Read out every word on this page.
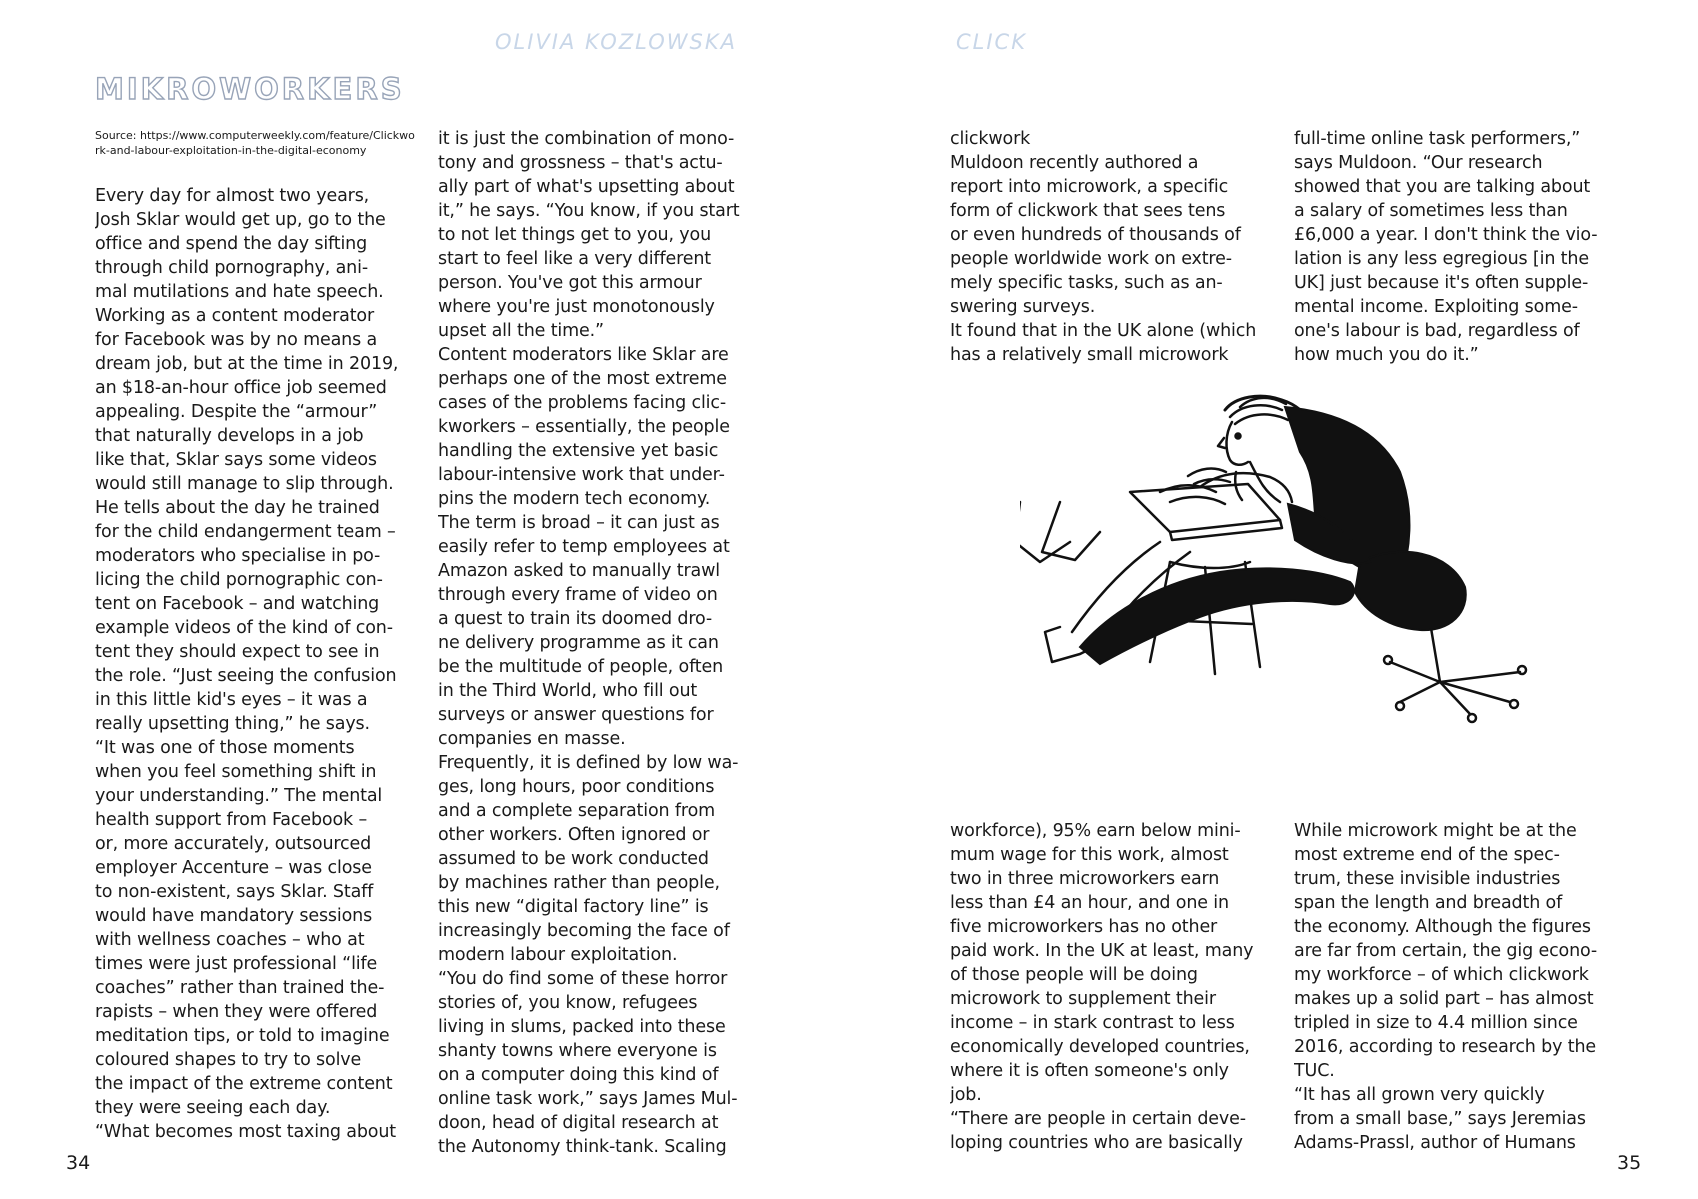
OLIVIA KOZLOWSKA	CLICK
MIKROWORKERS
Source: https://www.computerweekly.com/feature/Clickwork-and-labour-exploitation-in-the-digital-economy
Every day for almost two years,
Josh Sklar would get up, go to the
office and spend the day sifting
through child pornography, ani-
mal mutilations and hate speech.
Working as a content moderator
for Facebook was by no means a
dream job, but at the time in 2019,
an $18-an-hour office job seemed
appealing. Despite the “armour”
that naturally develops in a job
like that, Sklar says some videos
would still manage to slip through.
He tells about the day he trained
for the child endangerment team –
moderators who specialise in po-
licing the child pornographic con-
tent on Facebook – and watching
example videos of the kind of con-
tent they should expect to see in
the role. “Just seeing the confusion
in this little kid's eyes – it was a
really upsetting thing,” he says.
“It was one of those moments
when you feel something shift in
your understanding.” The mental
health support from Facebook –
or, more accurately, outsourced
employer Accenture – was close
to non-existent, says Sklar. Staff
would have mandatory sessions
with wellness coaches – who at
times were just professional “life
coaches” rather than trained the-
rapists – when they were offered
meditation tips, or told to imagine
coloured shapes to try to solve
the impact of the extreme content
they were seeing each day.
“What becomes most taxing about
it is just the combination of mono-
tony and grossness – that's actu-
ally part of what's upsetting about
it,” he says. “You know, if you start
to not let things get to you, you
start to feel like a very different
person. You've got this armour
where you're just monotonously
upset all the time.”
Content moderators like Sklar are
perhaps one of the most extreme
cases of the problems facing clic-
kworkers – essentially, the people
handling the extensive yet basic
labour-intensive work that under-
pins the modern tech economy.
The term is broad – it can just as
easily refer to temp employees at
Amazon asked to manually trawl
through every frame of video on
a quest to train its doomed dro-
ne delivery programme as it can
be the multitude of people, often
in the Third World, who fill out
surveys or answer questions for
companies en masse.
Frequently, it is defined by low wa-
ges, long hours, poor conditions
and a complete separation from
other workers. Often ignored or
assumed to be work conducted
by machines rather than people,
this new “digital factory line” is
increasingly becoming the face of
modern labour exploitation.
“You do find some of these horror
stories of, you know, refugees
living in slums, packed into these
shanty towns where everyone is
on a computer doing this kind of
online task work,” says James Mul-
doon, head of digital research at
the Autonomy think-tank. Scaling
clickwork
Muldoon recently authored a
report into microwork, a specific
form of clickwork that sees tens
or even hundreds of thousands of
people worldwide work on extre-
mely specific tasks, such as an-
swering surveys.
It found that in the UK alone (which
has a relatively small microwork
full-time online task performers,”
says Muldoon. “Our research
showed that you are talking about
a salary of sometimes less than
£6,000 a year. I don't think the vio-
lation is any less egregious [in the
UK] just because it's often supple-
mental income. Exploiting some-
one's labour is bad, regardless of
how much you do it.”
workforce), 95% earn below mini-
mum wage for this work, almost
two in three microworkers earn
less than £4 an hour, and one in
five microworkers has no other
paid work. In the UK at least, many
of those people will be doing
microwork to supplement their
income – in stark contrast to less
economically developed countries,
where it is often someone's only
job.
“There are people in certain deve-
loping countries who are basically
While microwork might be at the
most extreme end of the spec-
trum, these invisible industries
span the length and breadth of
the economy. Although the figures
are far from certain, the gig econo-
my workforce – of which clickwork
makes up a solid part – has almost
tripled in size to 4.4 million since
2016, according to research by the
TUC.
“It has all grown very quickly
from a small base,” says Jeremias
Adams-Prassl, author of Humans
34	35
